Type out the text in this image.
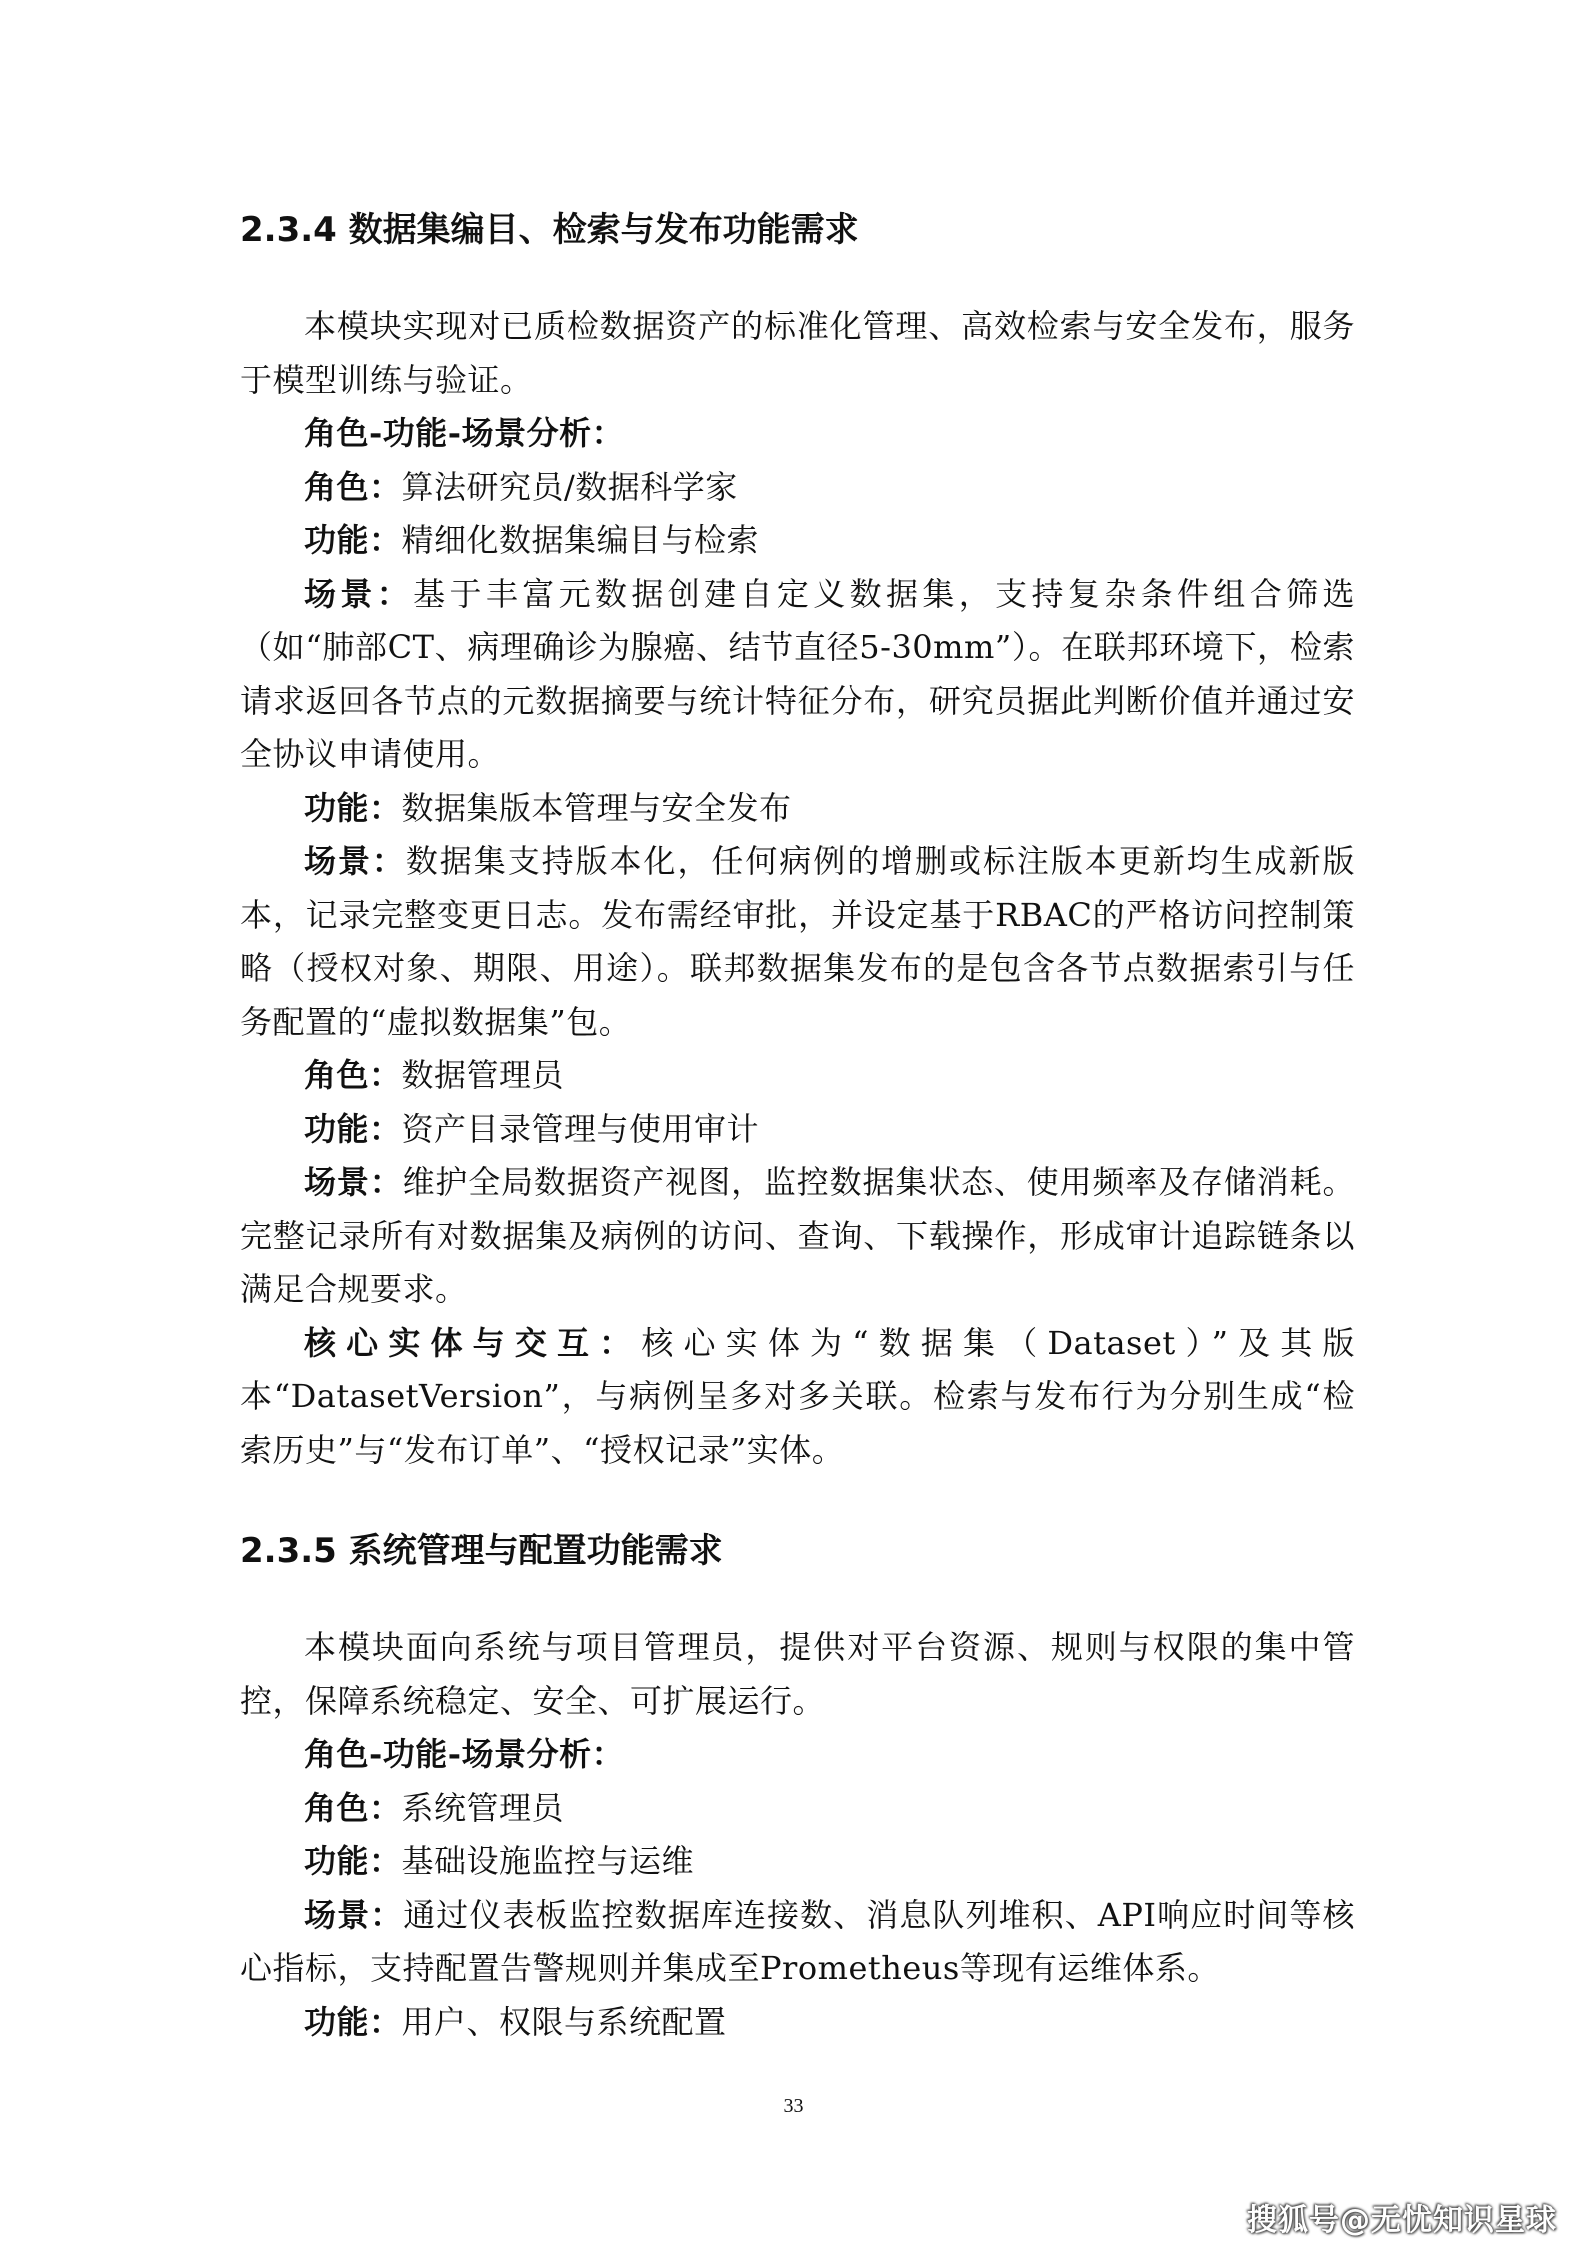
2.3.4 数据集编目、检索与发布功能需求

本模块实现对已质检数据资产的标准化管理、高效检索与安全发布，服务于模型训练与验证。

角色-功能-场景分析：

角色：算法研究员/数据科学家

功能：精细化数据集编目与检索

场景：基于丰富元数据创建自定义数据集，支持复杂条件组合筛选（如“肺部CT、病理确诊为腺癌、结节直径5-30mm”）。在联邦环境下，检索请求返回各节点的元数据摘要与统计特征分布，研究员据此判断价值并通过安全协议申请使用。

功能：数据集版本管理与安全发布

场景：数据集支持版本化，任何病例的增删或标注版本更新均生成新版本，记录完整变更日志。发布需经审批，并设定基于RBAC的严格访问控制策略（授权对象、期限、用途）。联邦数据集发布的是包含各节点数据索引与任务配置的“虚拟数据集”包。

角色：数据管理员

功能：资产目录管理与使用审计

场景：维护全局数据资产视图，监控数据集状态、使用频率及存储消耗。完整记录所有对数据集及病例的访问、查询、下载操作，形成审计追踪链条以满足合规要求。

核心实体与交互：核心实体为“数据集（Dataset）”及其版本“DatasetVersion”，与病例呈多对多关联。检索与发布行为分别生成“检索历史”与“发布订单”、“授权记录”实体。

2.3.5 系统管理与配置功能需求

本模块面向系统与项目管理员，提供对平台资源、规则与权限的集中管控，保障系统稳定、安全、可扩展运行。

角色-功能-场景分析：

角色：系统管理员

功能：基础设施监控与运维

场景：通过仪表板监控数据库连接数、消息队列堆积、API响应时间等核心指标，支持配置告警规则并集成至Prometheus等现有运维体系。

功能：用户、权限与系统配置

33
搜狐号@无忧知识星球
